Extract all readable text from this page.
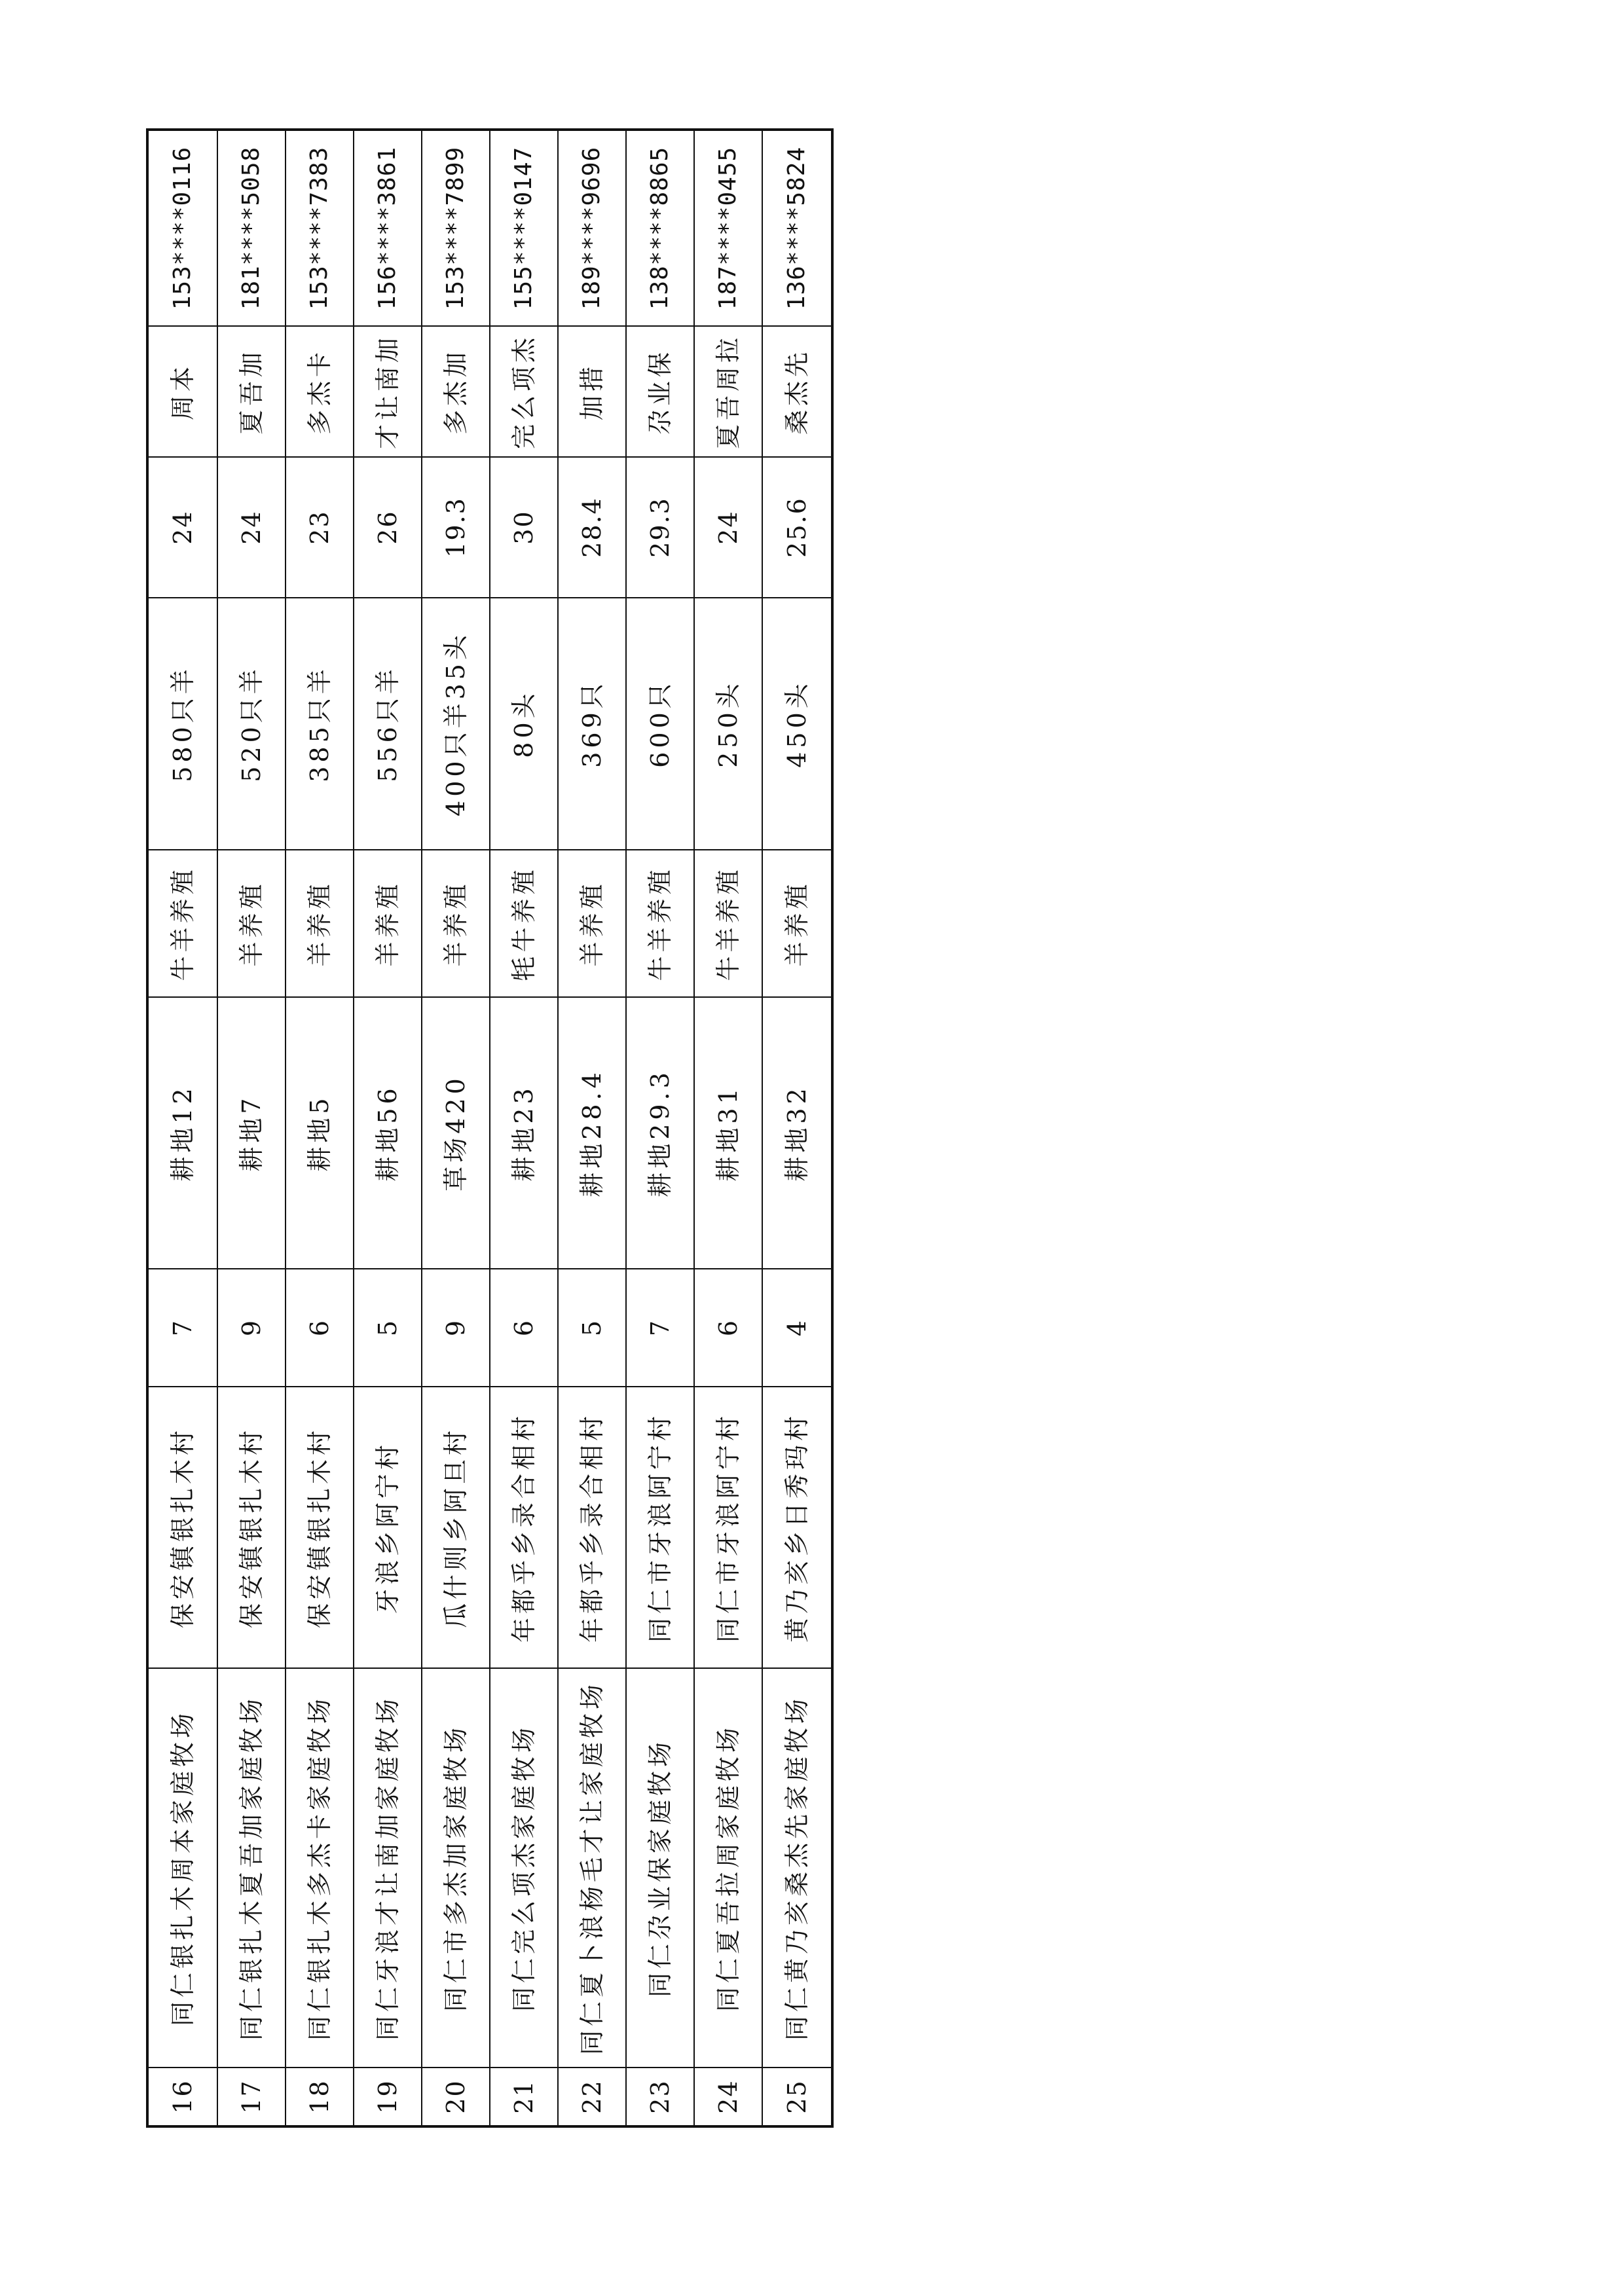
16	同仁银扎木周本家庭牧场	保安镇银扎木村	7	耕地12	牛羊养殖	580只羊	24	周本	153****0116
17	同仁银扎木夏吾加家庭牧场	保安镇银扎木村	9	耕地7	羊养殖	520只羊	24	夏吾加	181****5058
18	同仁银扎木多杰卡家庭牧场	保安镇银扎木村	6	耕地5	羊养殖	385只羊	23	多杰卡	153****7383
19	同仁牙浪才让南加家庭牧场	牙浪乡阿宁村	5	耕地56	羊养殖	556只羊	26	才让南加	156****3861
20	同仁市多杰加家庭牧场	瓜什则乡阿旦村	9	草场420	羊养殖	400只羊35头	19.3	多杰加	153****7899
21	同仁完么项杰家庭牧场	年都乎乡录合相村	6	耕地23	牦牛养殖	80头	30	完么项杰	155****0147
22	同仁夏卜浪杨毛才让家庭牧场	年都乎乡录合相村	5	耕地28.4	羊养殖	369只	28.4	加措	189****9696
23	同仁尕业保家庭牧场	同仁市牙浪阿宁村	7	耕地29.3	牛羊养殖	600只	29.3	尕业保	138****8865
24	同仁夏吾拉周家庭牧场	同仁市牙浪阿宁村	6	耕地31	牛羊养殖	250头	24	夏吾周拉	187****0455
25	同仁黄乃亥桑杰先家庭牧场	黄乃亥乡日秀玛村	4	耕地32	羊养殖	450头	25.6	桑杰先	136****5824
